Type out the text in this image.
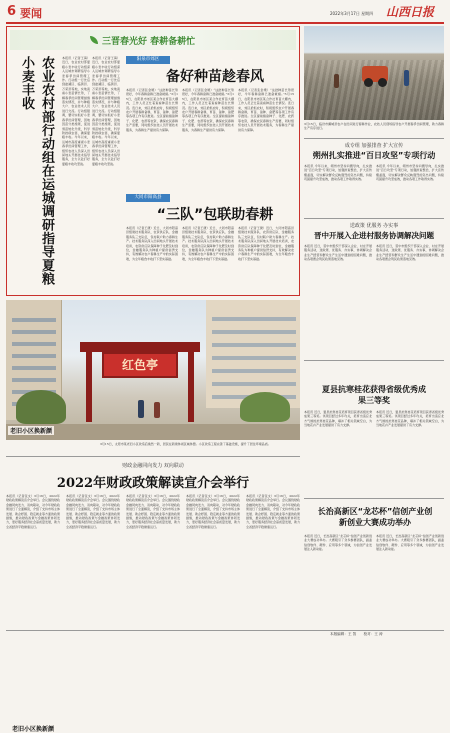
6 要闻	2022年3月17日 星期四 山西日报
三晋春光好 春耕备耕忙
农业农村部行动组在运城调研指导夏粮小麦丰收	本报讯（记者王海）近日，农业农村部夏粮小麦丰收行动组深入运城市调研指导小麦春季田间管理工作。行动组一行先后到盐湖区、临猗县、万荣县等地，实地查看小麦苗情长势，了解春季田间管理措施落实情况，并与种粮大户、农业技术人员进行交流。行动组强调，要切实抓好小麦春季田间管理，因地因苗分类施策，促进弱苗转化升级，科学防控病虫害，确保夏粮丰收。今年以来，运城市高度重视小麦春季田间管理工作，组织农技人员深入田间地头开展技术指导服务，全力以赴打好夏粮丰收攻坚战。
本报讯（记者王海）近日，农业农村部夏粮小麦丰收行动组深入运城市调研指导小麦春季田间管理工作。行动组一行先后到盐湖区、临猗县、万荣县等地，实地查看小麦苗情长势，了解春季田间管理措施落实情况，并与种粮大户、农业技术人员进行交流。行动组强调，要切实抓好小麦春季田间管理，因地因苗分类施策，促进弱苗转化升级，科学防控病虫害，确保夏粮丰收。今年以来，运城市高度重视小麦春季田间管理工作，组织农技人员深入田间地头开展技术指导服务，全力以赴打好夏粮丰收攻坚战。
阳泉市郊区
备好种苗趁春风
本报讯（记者张金娥）“这批种苗长势很好，今年春耕备耕已准备就绪。”3月15日，在阳泉市郊区某合作社育苗大棚内，工作人员正忙着查看种苗生长情况。连日来，郊区抢抓农时，积极组织农户开展春耕备耕，育苗、备种、备肥等各项工作有序推进。全区提前储备种子、化肥、农药等农资，确保农民春耕生产需要，同时组织农技人员开展技术服务，为春耕生产提供有力保障。
本报讯（记者张金娥）“这批种苗长势很好，今年春耕备耕已准备就绪。”3月15日，在阳泉市郊区某合作社育苗大棚内，工作人员正忙着查看种苗生长情况。连日来，郊区抢抓农时，积极组织农户开展春耕备耕，育苗、备种、备肥等各项工作有序推进。全区提前储备种子、化肥、农药等农资，确保农民春耕生产需要，同时组织农技人员开展技术服务，为春耕生产提供有力保障。
本报讯（记者张金娥）“这批种苗长势很好，今年春耕备耕已准备就绪。”3月15日，在阳泉市郊区某合作社育苗大棚内，工作人员正忙着查看种苗生长情况。连日来，郊区抢抓农时，积极组织农户开展春耕备耕，育苗、备种、备肥等各项工作有序推进。全区提前储备种子、化肥、农药等农资，确保农民春耕生产需要，同时组织农技人员开展技术服务，为春耕生产提供有力保障。
大同市阳高县
“三队”包联助春耕
本报讯（记者王捷）近日，大同市阳高县组建技术服务队、农资供应队、金融服务队三支队伍，包村联户助力春耕生产。技术服务队深入田间地头开展技术培训，农资供应队保障种子化肥及时到位，金融服务队为种植户提供信贷支持，有效解决农户春耕生产中的实际困难，为全年粮食丰收打下坚实基础。
本报讯（记者王捷）近日，大同市阳高县组建技术服务队、农资供应队、金融服务队三支队伍，包村联户助力春耕生产。技术服务队深入田间地头开展技术培训，农资供应队保障种子化肥及时到位，金融服务队为种植户提供信贷支持，有效解决农户春耕生产中的实际困难，为全年粮食丰收打下坚实基础。
本报讯（记者王捷）近日，大同市阳高县组建技术服务队、农资供应队、金融服务队三支队伍，包村联户助力春耕生产。技术服务队深入田间地头开展技术培训，农资供应队保障种子化肥及时到位，金融服务队为种植户提供信贷支持，有效解决农户春耕生产中的实际困难，为全年粮食丰收打下坚实基础。
3月15日，临汾市翼城县农户在田间进行春耕作业，农技人员现场指导农户开展春季田间管理，助力春耕生产有序进行。
成专组 加强排查 扩大宣传
朔州扎实推进“百日攻坚”专项行动
本报讯 今年以来，朔州市坚持问题导向，扎实推进“百日攻坚”专项行动，加强排查整治，扩大宣传覆盖面，切实解决群众反映强烈的突出问题，持续巩固提升攻坚成效，推动各项工作取得实效。
本报讯 今年以来，朔州市坚持问题导向，扎实推进“百日攻坚”专项行动，加强排查整治，扩大宣传覆盖面，切实解决群众反映强烈的突出问题，持续巩固提升攻坚成效，推动各项工作取得实效。
送政策 优服务 办实事
晋中开展入企进村服务协调解决问题
本报讯 近日，晋中市组织干部深入企业、村庄开展服务活动，送政策、优服务、办实事，协调解决企业生产经营和群众生产生活中遇到的困难问题，推动各项惠企利民政策落地见效。
本报讯 近日，晋中市组织干部深入企业、村庄开展服务活动，送政策、优服务、办实事，协调解决企业生产经营和群众生产生活中遇到的困难问题，推动各项惠企利民政策落地见效。
红色亭
老旧小区换新颜
老旧小区换新颜
3月15日，太原市某老旧小区改造后焕然一新，居民在新建休闲区域休憩。小区改造工程完善了基础设施，提升了居住环境品质。
夏县抗寒桂花获得省级优秀成果三等奖
本报讯 近日，夏县抗寒桂花培育项目获得省级优秀成果三等奖。该项目经过多年攻关，培育出适应北方气候的抗寒桂花品种，填补了相关领域空白，为当地花卉产业发展提供了有力支撑。
本报讯 近日，夏县抗寒桂花培育项目获得省级优秀成果三等奖。该项目经过多年攻关，培育出适应北方气候的抗寒桂花品种，填补了相关领域空白，为当地花卉产业发展提供了有力支撑。
长治高新区“龙芯杯”信创产业创新创业大赛成功举办
本报讯 近日，长治高新区“龙芯杯”信创产业创新创业大赛成功举办。大赛吸引了众多参赛团队，涵盖信创软件、硬件、应用等多个领域，为信创产业发展注入新动能。
本报讯 近日，长治高新区“龙芯杯”信创产业创新创业大赛成功举办。大赛吸引了众多参赛团队，涵盖信创软件、硬件、应用等多个领域，为信创产业发展注入新动能。
财政金融同向发力 双向联动
2022年财政政策解读宣介会举行
本报讯（记者张文）3月16日，2022年财政政策解读宣介会举行。会议围绕财政金融同向发力、双向联动，对今年财政政策进行了全面解读，介绍了支持市场主体发展、助企纾困、稳定就业等方面的政策措施，推动财政政策与金融政策协同发力，更好服务经济社会高质量发展，助力全省经济平稳健康运行。
本报讯（记者张文）3月16日，2022年财政政策解读宣介会举行。会议围绕财政金融同向发力、双向联动，对今年财政政策进行了全面解读，介绍了支持市场主体发展、助企纾困、稳定就业等方面的政策措施，推动财政政策与金融政策协同发力，更好服务经济社会高质量发展，助力全省经济平稳健康运行。
本报讯（记者张文）3月16日，2022年财政政策解读宣介会举行。会议围绕财政金融同向发力、双向联动，对今年财政政策进行了全面解读，介绍了支持市场主体发展、助企纾困、稳定就业等方面的政策措施，推动财政政策与金融政策协同发力，更好服务经济社会高质量发展，助力全省经济平稳健康运行。
本报讯（记者张文）3月16日，2022年财政政策解读宣介会举行。会议围绕财政金融同向发力、双向联动，对今年财政政策进行了全面解读，介绍了支持市场主体发展、助企纾困、稳定就业等方面的政策措施，推动财政政策与金融政策协同发力，更好服务经济社会高质量发展，助力全省经济平稳健康运行。
本报讯（记者张文）3月16日，2022年财政政策解读宣介会举行。会议围绕财政金融同向发力、双向联动，对今年财政政策进行了全面解读，介绍了支持市场主体发展、助企纾困、稳定就业等方面的政策措施，推动财政政策与金融政策协同发力，更好服务经济社会高质量发展，助力全省经济平稳健康运行。
本版编辑：王 智　　校对：王 涛
